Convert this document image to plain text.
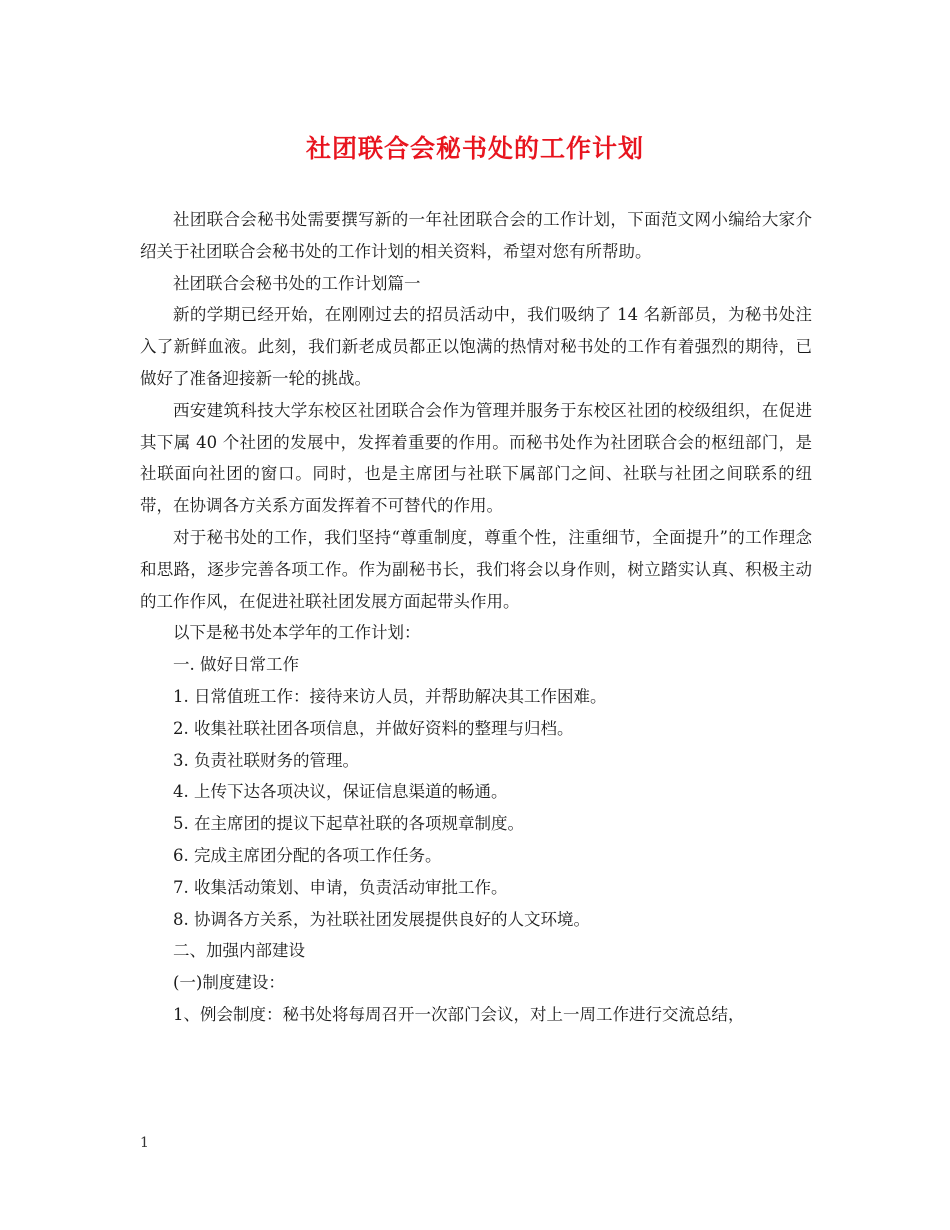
社团联合会秘书处的工作计划

社团联合会秘书处需要撰写新的一年社团联合会的工作计划，下面范文网小编给大家介绍关于社团联合会秘书处的工作计划的相关资料，希望对您有所帮助。

社团联合会秘书处的工作计划篇一

新的学期已经开始，在刚刚过去的招员活动中，我们吸纳了 14 名新部员，为秘书处注入了新鲜血液。此刻，我们新老成员都正以饱满的热情对秘书处的工作有着强烈的期待，已做好了准备迎接新一轮的挑战。

西安建筑科技大学东校区社团联合会作为管理并服务于东校区社团的校级组织，在促进其下属 40 个社团的发展中，发挥着重要的作用。而秘书处作为社团联合会的枢纽部门，是社联面向社团的窗口。同时，也是主席团与社联下属部门之间、社联与社团之间联系的纽带，在协调各方关系方面发挥着不可替代的作用。

对于秘书处的工作，我们坚持“尊重制度，尊重个性，注重细节，全面提升”的工作理念和思路，逐步完善各项工作。作为副秘书长，我们将会以身作则，树立踏实认真、积极主动的工作作风，在促进社联社团发展方面起带头作用。

以下是秘书处本学年的工作计划：

一. 做好日常工作

1. 日常值班工作：接待来访人员，并帮助解决其工作困难。

2. 收集社联社团各项信息，并做好资料的整理与归档。

3. 负责社联财务的管理。

4. 上传下达各项决议，保证信息渠道的畅通。

5. 在主席团的提议下起草社联的各项规章制度。

6. 完成主席团分配的各项工作任务。

7. 收集活动策划、申请，负责活动审批工作。

8. 协调各方关系，为社联社团发展提供良好的人文环境。

二、加强内部建设

(一)制度建设：

1、例会制度：秘书处将每周召开一次部门会议，对上一周工作进行交流总结，

1
